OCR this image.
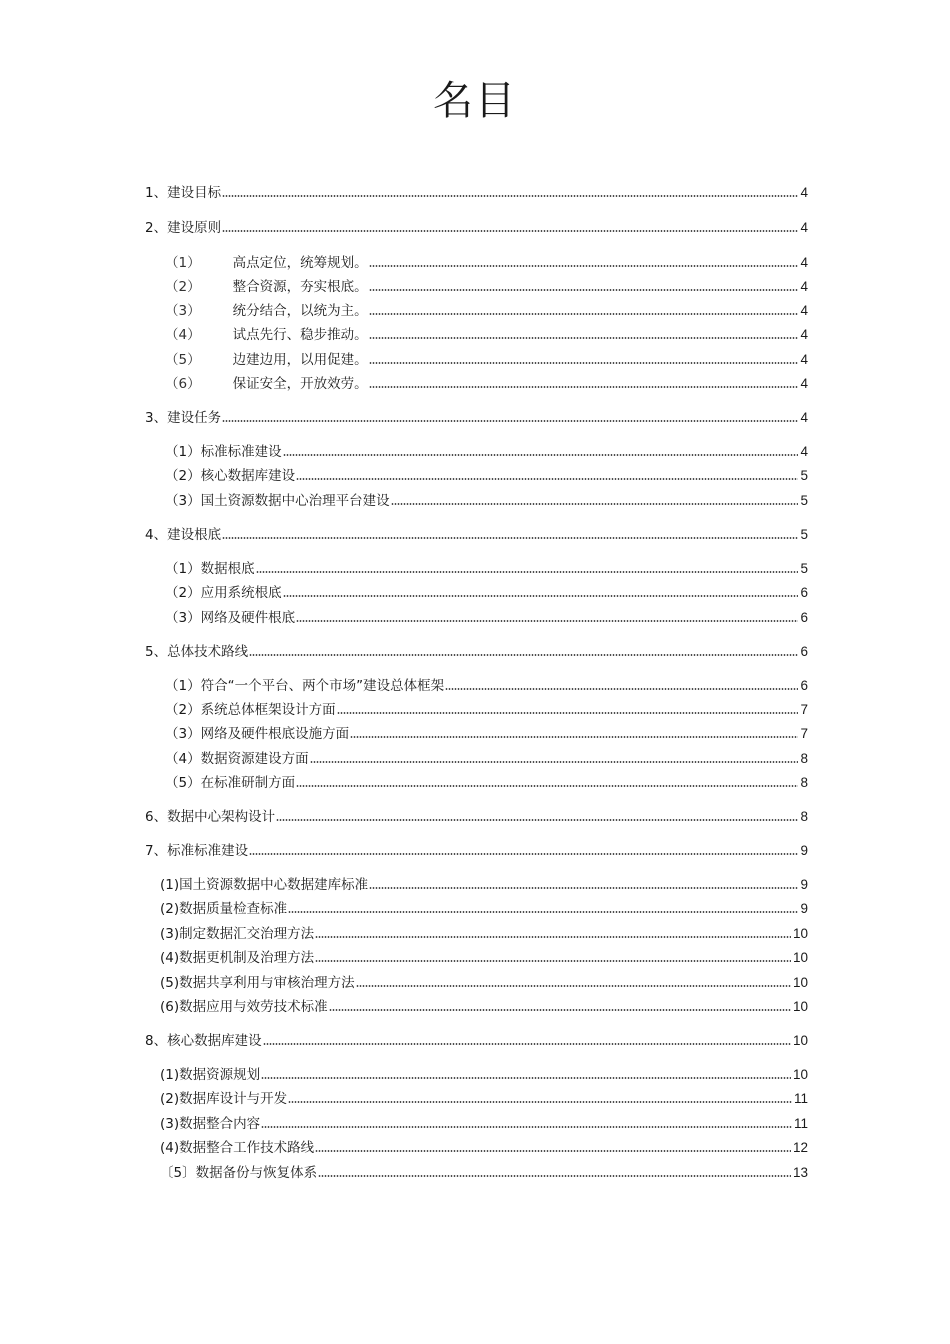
名目
1、建设目标	4
2、建设原则	4
（1） 高点定位，统筹规划。	4
（2） 整合资源，夯实根底。	4
（3） 统分结合，以统为主。	4
（4） 试点先行、稳步推动。	4
（5） 边建边用，以用促建。	4
（6） 保证安全，开放效劳。	4
3、建设任务	4
（1）标准标准建设	4
（2）核心数据库建设	5
（3）国土资源数据中心治理平台建设	5
4、建设根底	5
（1）数据根底	5
（2）应用系统根底	6
（3）网络及硬件根底	6
5、总体技术路线	6
（1）符合“一个平台、两个市场”建设总体框架	6
（2）系统总体框架设计方面	7
（3）网络及硬件根底设施方面	7
（4）数据资源建设方面	8
（5）在标准研制方面	8
6、数据中心架构设计	8
7、标准标准建设	9
(1)国土资源数据中心数据建库标准	9
(2)数据质量检查标准	9
(3)制定数据汇交治理方法	10
(4)数据更机制及治理方法	10
(5)数据共享利用与审核治理方法	10
(6)数据应用与效劳技术标准	10
8、核心数据库建设	10
(1)数据资源规划	10
(2)数据库设计与开发	11
(3)数据整合内容	11
(4)数据整合工作技术路线	12
〔5〕数据备份与恢复体系	13
